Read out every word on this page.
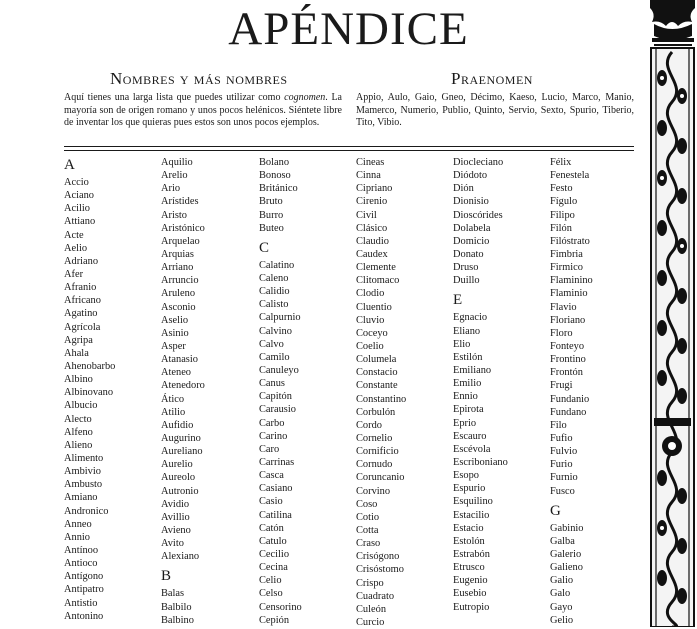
APÉNDICE
Nombres y más nombres	Praenomen

Aquí tienes una larga lista que puedes utilizar como cognomen. La mayoría son de origen romano y unos pocos helénicos. Siéntete libre de inventar los que quieras pues estos son unos pocos ejemplos.

Appio, Aulo, Gaio, Gneo, Décimo, Kaeso, Lucio, Marco, Manio, Mamerco, Numerio, Publio, Quinto, Servio, Sexto, Spurio, Tiberio, Tito, Vibio.

A
Accio
Aciano
Acilio
Attiano
Acte
Aelio
Adriano
Afer
Afranio
Africano
Agatino
Agrícola
Agripa
Ahala
Ahenobarbo
Albino
Albinovano
Albucio
Alecto
Alfeno
Alieno
Alimento
Ambivio
Ambusto
Amiano
Andronico
Anneo
Annio
Antínoo
Antioco
Antígono
Antipatro
Antistio
Antonino
Aquilio
Arelio
Ario
Arístides
Aristo
Aristónico
Arquelao
Arquias
Arriano
Arruncio
Aruleno
Asconio
Aselio
Asinio
Asper
Atanasio
Ateneo
Atenedoro
Ático
Atilio
Aufidio
Augurino
Aureliano
Aurelio
Aureolo
Autronio
Avidio
Avillio
Avieno
Avito
Alexiano
B
Balas
Balbilo
Balbino
Bolano
Bonoso
Británico
Bruto
Burro
Buteo
C
Calatino
Caleno
Calidio
Calisto
Calpurnio
Calvino
Calvo
Camilo
Canuleyo
Canus
Capitón
Carausio
Carbo
Carino
Caro
Carrinas
Casca
Casiano
Casio
Catilina
Catón
Catulo
Cecilio
Cecina
Celio
Celso
Censorino
Cepión
Cineas
Cinna
Cipriano
Cirenio
Civil
Clásico
Claudio
Caudex
Clemente
Clitomaco
Clodio
Cluentio
Cluvio
Coceyo
Coelio
Columela
Constacio
Constante
Constantino
Corbulón
Cordo
Cornelio
Cornificio
Cornudo
Coruncanio
Corvino
Coso
Cotio
Cotta
Craso
Crisógono
Crisóstomo
Crispo
Cuadrato
Culeón
Curcio
Diocleciano
Diódoto
Dión
Dionisio
Dioscórides
Dolabela
Domicio
Donato
Druso
Duillo
E
Egnacio
Eliano
Elio
Estilón
Emiliano
Emilio
Ennio
Epirota
Eprio
Escauro
Escévola
Escriboniano
Esopo
Espurio
Esquilino
Estacilio
Estacio
Estolón
Estrabón
Etrusco
Eugenio
Eusebio
Eutropio
Félix
Fenestela
Festo
Fígulo
Filipo
Filón
Filóstrato
Fimbria
Firmico
Flaminino
Flaminio
Flavio
Floriano
Floro
Fonteyo
Frontino
Frontón
Frugi
Fundanio
Fundano
Filo
Fufio
Fulvio
Furio
Furnio
Fusco
G
Gabinio
Galba
Galerio
Galieno
Galio
Galo
Gayo
Gelio
